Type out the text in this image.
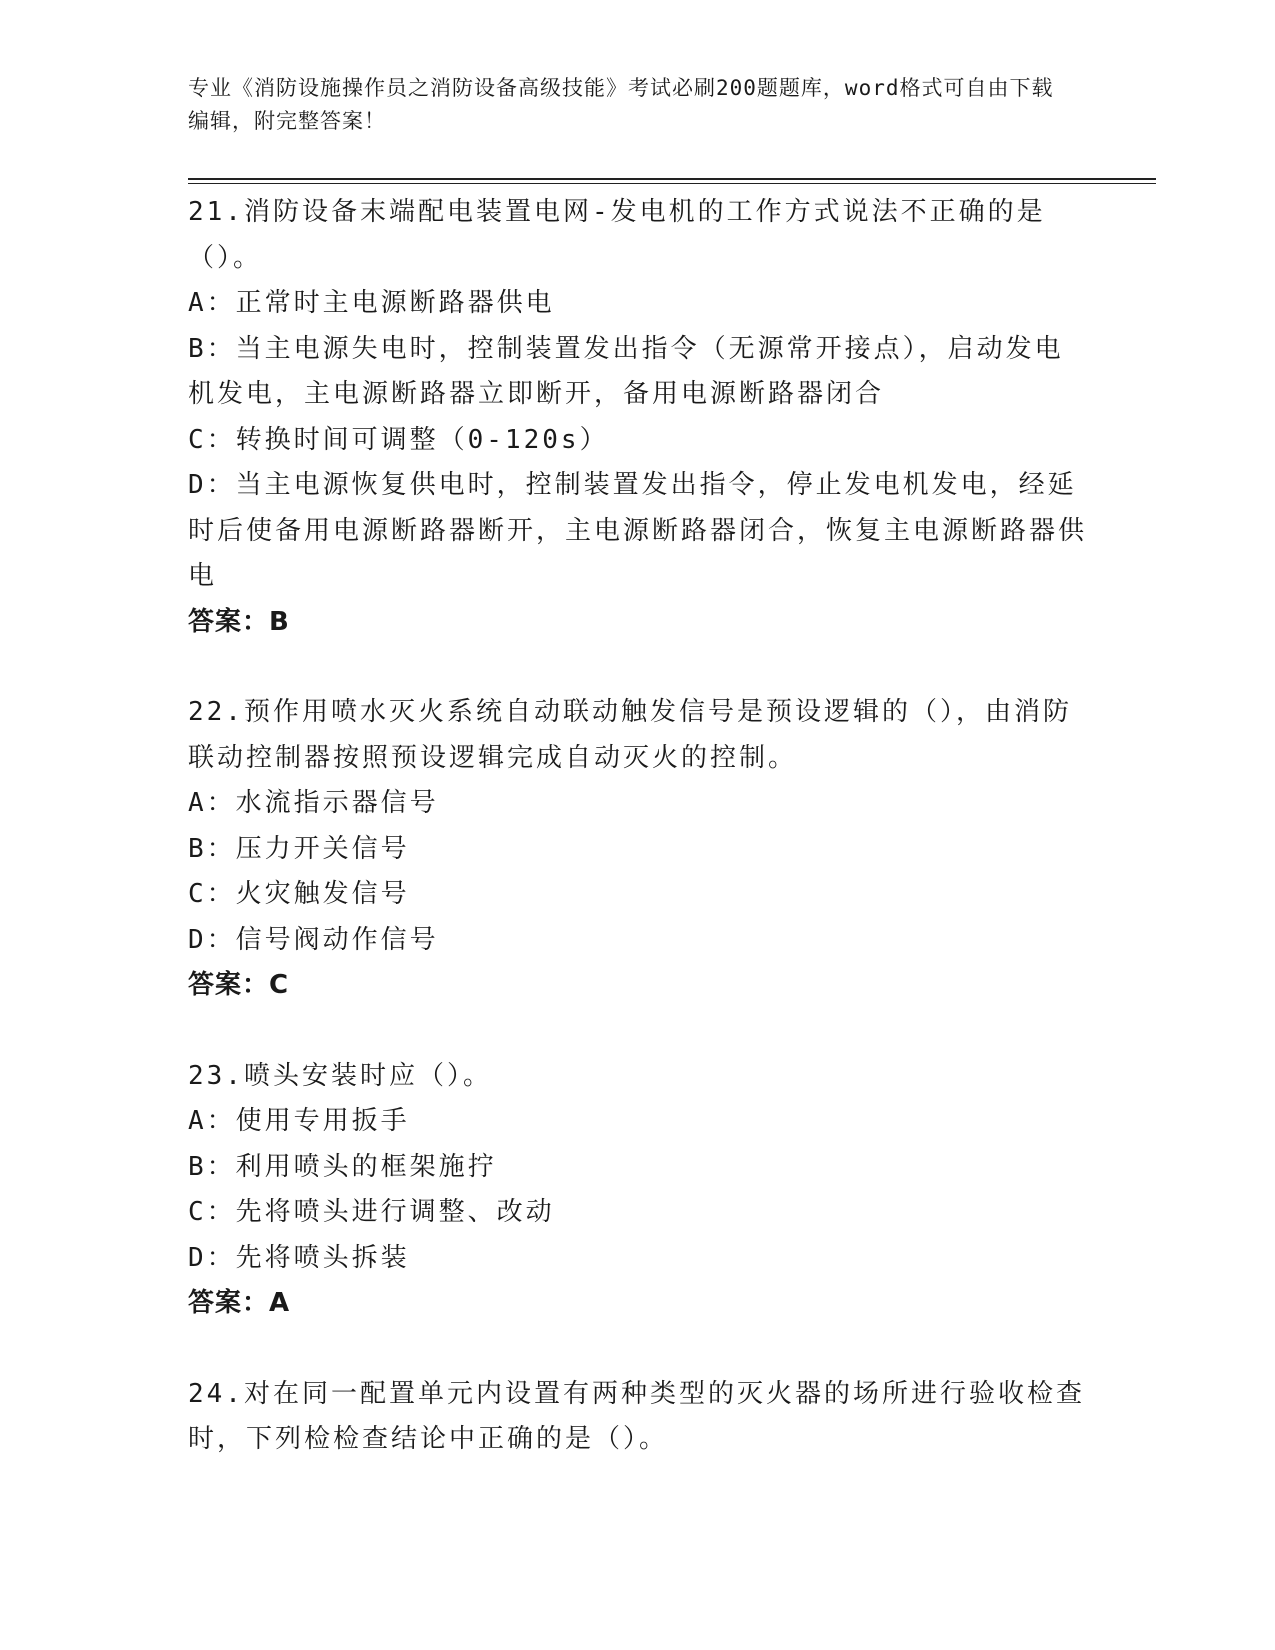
专业《消防设施操作员之消防设备高级技能》考试必刷200题题库，word格式可自由下载编辑，附完整答案！

21.消防设备末端配电装置电网-发电机的工作方式说法不正确的是（）。

A：正常时主电源断路器供电

B：当主电源失电时，控制装置发出指令（无源常开接点），启动发电机发电，主电源断路器立即断开，备用电源断路器闭合

C：转换时间可调整（0-120s）

D：当主电源恢复供电时，控制装置发出指令，停止发电机发电，经延时后使备用电源断路器断开，主电源断路器闭合，恢复主电源断路器供电

答案：B

22.预作用喷水灭火系统自动联动触发信号是预设逻辑的（），由消防联动控制器按照预设逻辑完成自动灭火的控制。

A：水流指示器信号

B：压力开关信号

C：火灾触发信号

D：信号阀动作信号

答案：C

23.喷头安装时应（）。

A：使用专用扳手

B：利用喷头的框架施拧

C：先将喷头进行调整、改动

D：先将喷头拆装

答案：A

24.对在同一配置单元内设置有两种类型的灭火器的场所进行验收检查时，下列检检查结论中正确的是（）。
